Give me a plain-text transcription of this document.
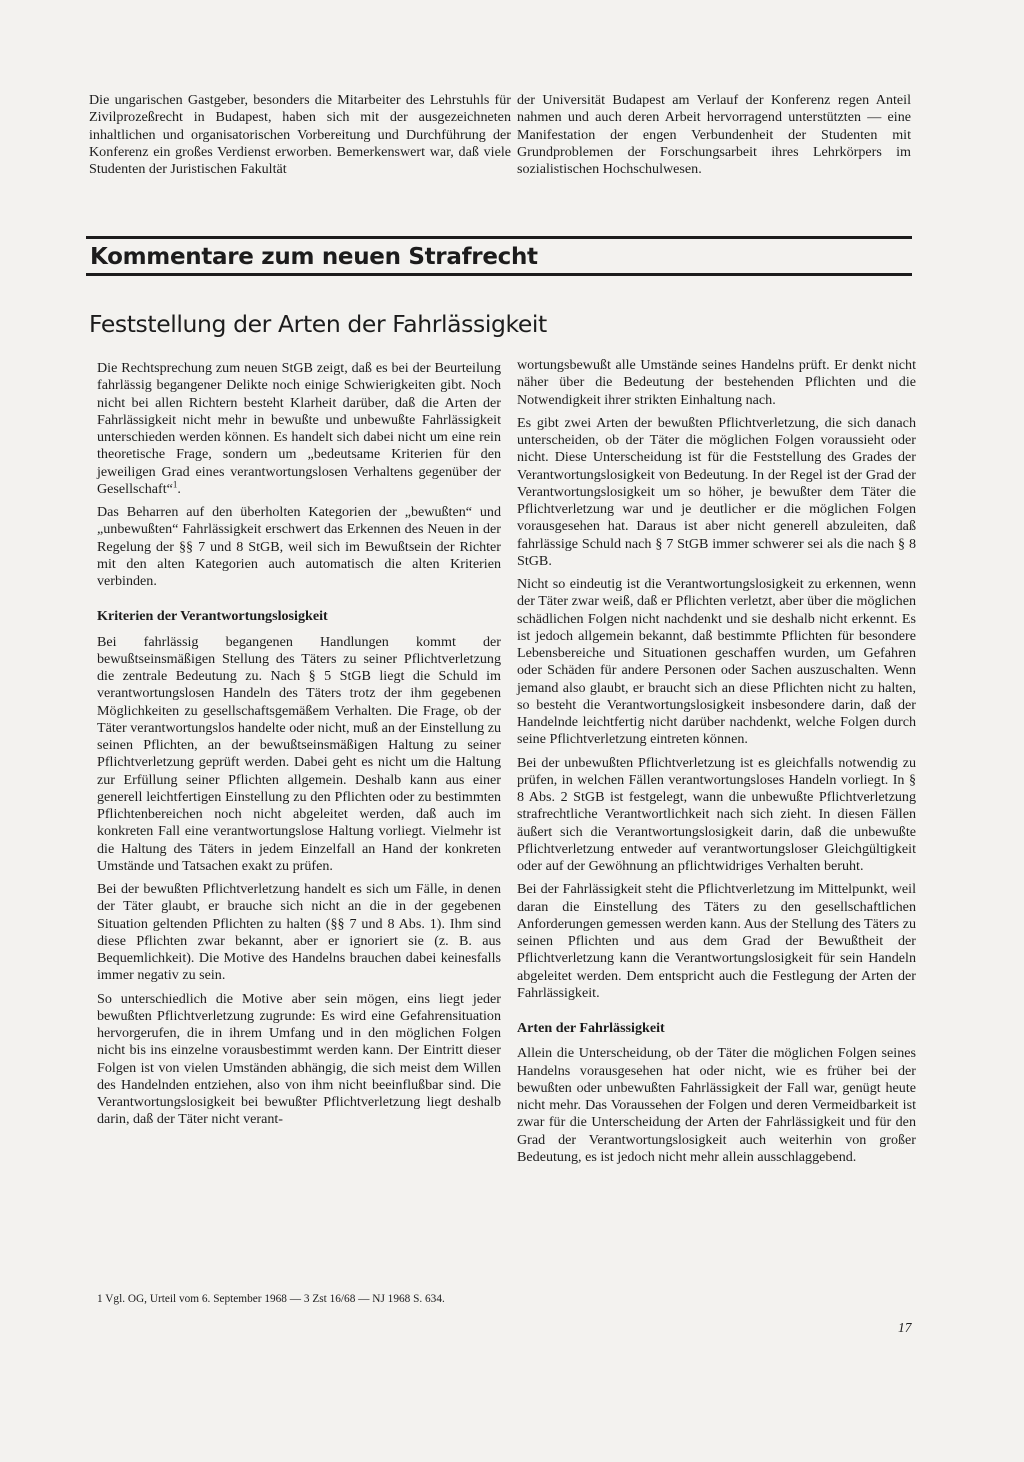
Die ungarischen Gastgeber, besonders die Mitarbeiter des Lehrstuhls für Zivilprozeßrecht in Budapest, haben sich mit der ausgezeichneten inhaltlichen und organisatorischen Vorbereitung und Durchführung der Konferenz ein großes Verdienst erworben. Bemerkenswert war, daß viele Studenten der Juristischen Fakultät

der Universität Budapest am Verlauf der Konferenz regen Anteil nahmen und auch deren Arbeit hervorragend unterstützten — eine Manifestation der engen Verbundenheit der Studenten mit Grundproblemen der Forschungsarbeit ihres Lehrkörpers im sozialistischen Hochschulwesen.

Kommentare zum neuen Strafrecht
Feststellung der Arten der Fahrlässigkeit

Die Rechtsprechung zum neuen StGB zeigt, daß es bei der Beurteilung fahrlässig begangener Delikte noch einige Schwierigkeiten gibt. Noch nicht bei allen Richtern besteht Klarheit darüber, daß die Arten der Fahrlässigkeit nicht mehr in bewußte und unbewußte Fahrlässigkeit unterschieden werden können. Es handelt sich dabei nicht um eine rein theoretische Frage, sondern um „bedeutsame Kriterien für den jeweiligen Grad eines verantwortungslosen Verhaltens gegenüber der Gesellschaft“$^1$.

Das Beharren auf den überholten Kategorien der „bewußten“ und „unbewußten“ Fahrlässigkeit erschwert das Erkennen des Neuen in der Regelung der §§ 7 und 8 StGB, weil sich im Bewußtsein der Richter mit den alten Kategorien auch automatisch die alten Kriterien verbinden.

Kriterien der Verantwortungslosigkeit

Bei fahrlässig begangenen Handlungen kommt der bewußtseinsmäßigen Stellung des Täters zu seiner Pflichtverletzung die zentrale Bedeutung zu. Nach § 5 StGB liegt die Schuld im verantwortungslosen Handeln des Täters trotz der ihm gegebenen Möglichkeiten zu gesellschaftsgemäßem Verhalten. Die Frage, ob der Täter verantwortungslos handelte oder nicht, muß an der Einstellung zu seinen Pflichten, an der bewußtseinsmäßigen Haltung zu seiner Pflichtverletzung geprüft werden. Dabei geht es nicht um die Haltung zur Erfüllung seiner Pflichten allgemein. Deshalb kann aus einer generell leichtfertigen Einstellung zu den Pflichten oder zu bestimmten Pflichtenbereichen noch nicht abgeleitet werden, daß auch im konkreten Fall eine verantwortungslose Haltung vorliegt. Vielmehr ist die Haltung des Täters in jedem Einzelfall an Hand der konkreten Umstände und Tatsachen exakt zu prüfen.

Bei der bewußten Pflichtverletzung handelt es sich um Fälle, in denen der Täter glaubt, er brauche sich nicht an die in der gegebenen Situation geltenden Pflichten zu halten (§§ 7 und 8 Abs. 1). Ihm sind diese Pflichten zwar bekannt, aber er ignoriert sie (z. B. aus Bequemlichkeit). Die Motive des Handelns brauchen dabei keinesfalls immer negativ zu sein.

So unterschiedlich die Motive aber sein mögen, eins liegt jeder bewußten Pflichtverletzung zugrunde: Es wird eine Gefahrensituation hervorgerufen, die in ihrem Umfang und in den möglichen Folgen nicht bis ins einzelne vorausbestimmt werden kann. Der Eintritt dieser Folgen ist von vielen Umständen abhängig, die sich meist dem Willen des Handelnden entziehen, also von ihm nicht beeinflußbar sind. Die Verantwortungslosigkeit bei bewußter Pflichtverletzung liegt deshalb darin, daß der Täter nicht verant-

wortungsbewußt alle Umstände seines Handelns prüft. Er denkt nicht näher über die Bedeutung der bestehenden Pflichten und die Notwendigkeit ihrer strikten Einhaltung nach.

Es gibt zwei Arten der bewußten Pflichtverletzung, die sich danach unterscheiden, ob der Täter die möglichen Folgen voraussieht oder nicht. Diese Unterscheidung ist für die Feststellung des Grades der Verantwortungslosigkeit von Bedeutung. In der Regel ist der Grad der Verantwortungslosigkeit um so höher, je bewußter dem Täter die Pflichtverletzung war und je deutlicher er die möglichen Folgen vorausgesehen hat. Daraus ist aber nicht generell abzuleiten, daß fahrlässige Schuld nach § 7 StGB immer schwerer sei als die nach § 8 StGB.

Nicht so eindeutig ist die Verantwortungslosigkeit zu erkennen, wenn der Täter zwar weiß, daß er Pflichten verletzt, aber über die möglichen schädlichen Folgen nicht nachdenkt und sie deshalb nicht erkennt. Es ist jedoch allgemein bekannt, daß bestimmte Pflichten für besondere Lebensbereiche und Situationen geschaffen wurden, um Gefahren oder Schäden für andere Personen oder Sachen auszuschalten. Wenn jemand also glaubt, er braucht sich an diese Pflichten nicht zu halten, so besteht die Verantwortungslosigkeit insbesondere darin, daß der Handelnde leichtfertig nicht darüber nachdenkt, welche Folgen durch seine Pflichtverletzung eintreten können.

Bei der unbewußten Pflichtverletzung ist es gleichfalls notwendig zu prüfen, in welchen Fällen verantwortungsloses Handeln vorliegt. In § 8 Abs. 2 StGB ist festgelegt, wann die unbewußte Pflichtverletzung strafrechtliche Verantwortlichkeit nach sich zieht. In diesen Fällen äußert sich die Verantwortungslosigkeit darin, daß die unbewußte Pflichtverletzung entweder auf verantwortungsloser Gleichgültigkeit oder auf der Gewöhnung an pflichtwidriges Verhalten beruht.

Bei der Fahrlässigkeit steht die Pflichtverletzung im Mittelpunkt, weil daran die Einstellung des Täters zu den gesellschaftlichen Anforderungen gemessen werden kann. Aus der Stellung des Täters zu seinen Pflichten und aus dem Grad der Bewußtheit der Pflichtverletzung kann die Verantwortungslosigkeit für sein Handeln abgeleitet werden. Dem entspricht auch die Festlegung der Arten der Fahrlässigkeit.

Arten der Fahrlässigkeit

Allein die Unterscheidung, ob der Täter die möglichen Folgen seines Handelns vorausgesehen hat oder nicht, wie es früher bei der bewußten oder unbewußten Fahrlässigkeit der Fall war, genügt heute nicht mehr. Das Voraussehen der Folgen und deren Vermeidbarkeit ist zwar für die Unterscheidung der Arten der Fahrlässigkeit und für den Grad der Verantwortungslosigkeit auch weiterhin von großer Bedeutung, es ist jedoch nicht mehr allein ausschlaggebend.

1 Vgl. OG, Urteil vom 6. September 1968 — 3 Zst 16/68 — NJ 1968 S. 634.

17
